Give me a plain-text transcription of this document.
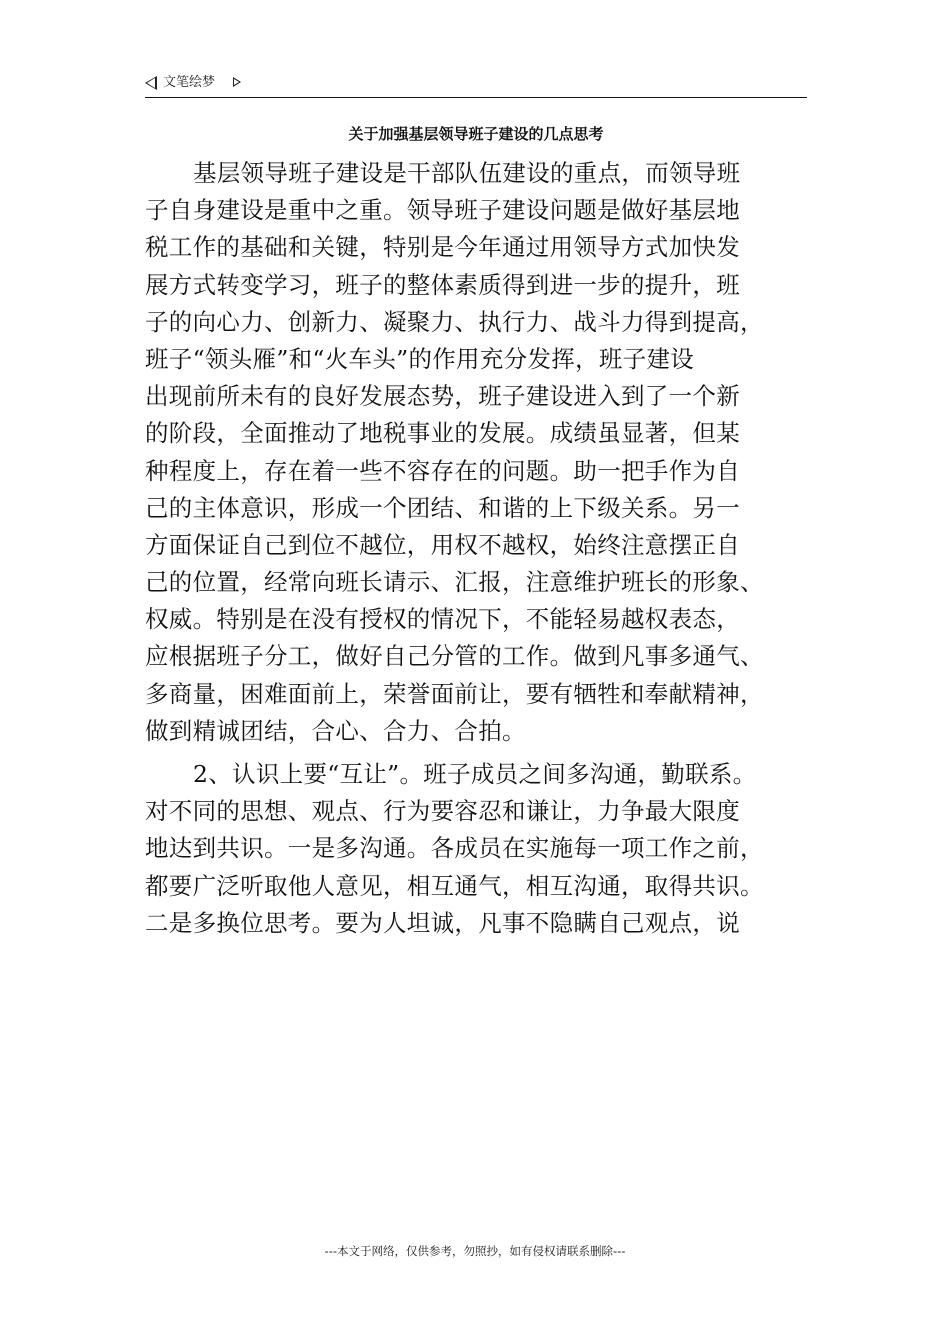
文笔绘梦
关于加强基层领导班子建设的几点思考
基层领导班子建设是干部队伍建设的重点，而领导班
子自身建设是重中之重。领导班子建设问题是做好基层地
税工作的基础和关键，特别是今年通过用领导方式加快发
展方式转变学习，班子的整体素质得到进一步的提升，班
子的向心力、创新力、凝聚力、执行力、战斗力得到提高，
班子“领头雁”和“火车头”的作用充分发挥，班子建设
出现前所未有的良好发展态势，班子建设进入到了一个新
的阶段，全面推动了地税事业的发展。成绩虽显著，但某
种程度上，存在着一些不容存在的问题。助一把手作为自
己的主体意识，形成一个团结、和谐的上下级关系。另一
方面保证自己到位不越位，用权不越权，始终注意摆正自
己的位置，经常向班长请示、汇报，注意维护班长的形象、
权威。特别是在没有授权的情况下，不能轻易越权表态，
应根据班子分工，做好自己分管的工作。做到凡事多通气、
多商量，困难面前上，荣誉面前让，要有牺牲和奉献精神，
做到精诚团结，合心、合力、合拍。
2、认识上要“互让”。班子成员之间多沟通，勤联系。
对不同的思想、观点、行为要容忍和谦让，力争最大限度
地达到共识。一是多沟通。各成员在实施每一项工作之前，
都要广泛听取他人意见，相互通气，相互沟通，取得共识。
二是多换位思考。要为人坦诚，凡事不隐瞒自己观点，说
---本文于网络，仅供参考，勿照抄，如有侵权请联系删除---
